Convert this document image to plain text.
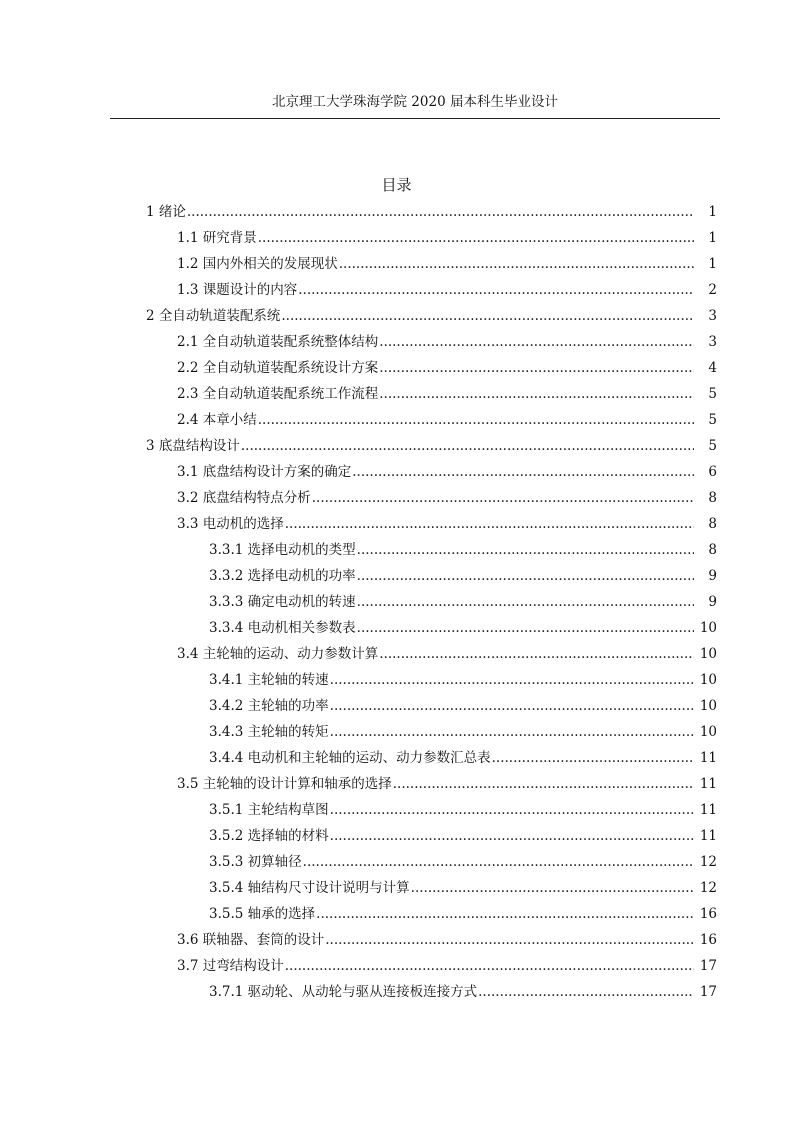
北京理工大学珠海学院 2020 届本科生毕业设计
目录
1 绪论 .....	1
1.1 研究背景 .....	1
1.2 国内外相关的发展现状 .....	1
1.3 课题设计的内容 .....	2
2 全自动轨道装配系统 .....	3
2.1 全自动轨道装配系统整体结构 .....	3
2.2 全自动轨道装配系统设计方案 .....	4
2.3 全自动轨道装配系统工作流程 .....	5
2.4 本章小结 .....	5
3 底盘结构设计 .....	5
3.1 底盘结构设计方案的确定 .....	6
3.2 底盘结构特点分析 .....	8
3.3 电动机的选择 .....	8
3.3.1 选择电动机的类型 .....	8
3.3.2 选择电动机的功率 .....	9
3.3.3 确定电动机的转速 .....	9
3.3.4 电动机相关参数表 .....	10
3.4 主轮轴的运动、动力参数计算 .....	10
3.4.1 主轮轴的转速 .....	10
3.4.2 主轮轴的功率 .....	10
3.4.3 主轮轴的转矩 .....	10
3.4.4 电动机和主轮轴的运动、动力参数汇总表 .....	11
3.5 主轮轴的设计计算和轴承的选择 .....	11
3.5.1 主轮结构草图 .....	11
3.5.2 选择轴的材料 .....	11
3.5.3 初算轴径 .....	12
3.5.4 轴结构尺寸设计说明与计算 .....	12
3.5.5 轴承的选择 .....	16
3.6 联轴器、套筒的设计 .....	16
3.7 过弯结构设计 .....	17
3.7.1 驱动轮、从动轮与驱从连接板连接方式 .....	17
